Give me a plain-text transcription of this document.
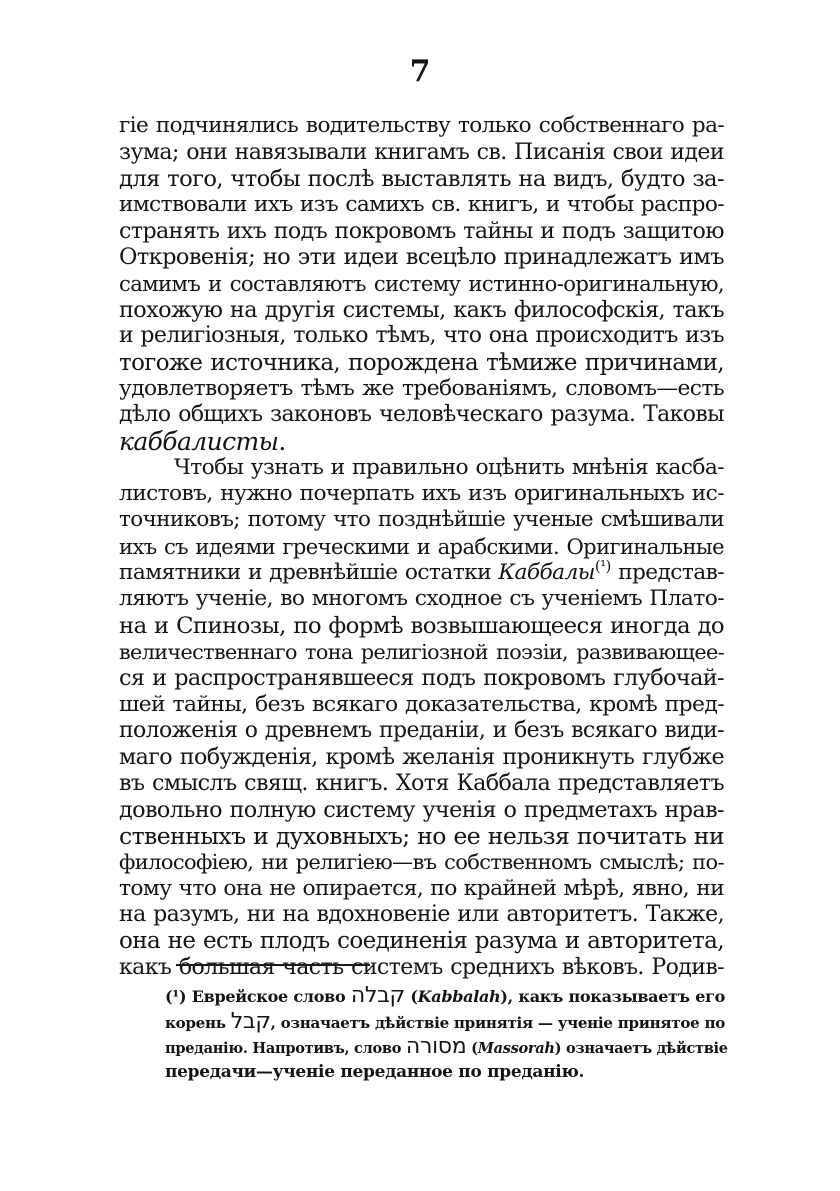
7
гіе подчинялись водительству только собственнаго ра-
зума; они навязывали книгамъ св. Писанія свои идеи
для того, чтобы послѣ выставлять на видъ, будто за-
имствовали ихъ изъ самихъ св. книгъ, и чтобы распро-
странять ихъ подъ покровомъ тайны и подъ защитою
Откровенія; но эти идеи всецѣло принадлежатъ имъ
самимъ и составляютъ систему истинно-оригинальную,
похожую на другія системы, какъ философскія, такъ
и религіозныя, только тѣмъ, что она происходитъ изъ
тогоже источника, порождена тѣмиже причинами,
удовлетворяетъ тѣмъ же требованіямъ, словомъ—есть
дѣло общихъ законовъ человѣческаго разума. Таковы
каббалисты.
Чтобы узнать и правильно оцѣнить мнѣнія касба-
листовъ, нужно почерпать ихъ изъ оригинальныхъ ис-
точниковъ; потому что позднѣйшіе ученые смѣшивали
ихъ съ идеями греческими и арабскими. Оригинальные
памятники и древнѣйшіе остатки Каббалы$^{(^1)}$ представ-
ляютъ ученіе, во многомъ сходное съ ученіемъ Плато-
на и Спинозы, по формѣ возвышающееся иногда до
величественнаго тона религіозной поэзіи, развивающее-
ся и распространявшееся подъ покровомъ глубочай-
шей тайны, безъ всякаго доказательства, кромѣ пред-
положенія о древнемъ преданіи, и безъ всякаго види-
маго побужденія, кромѣ желанія проникнуть глубже
въ смыслъ свящ. книгъ. Хотя Каббала представляетъ
довольно полную систему ученія о предметахъ нрав-
ственныхъ и духовныхъ; но ее нельзя почитать ни
философіею, ни религіею—въ собственномъ смыслѣ; по-
тому что она не опирается, по крайней мѣрѣ, явно, ни
на разумъ, ни на вдохновеніе или авторитетъ. Также,
она не есть плодъ соединенія разума и авторитета,
какъ большая часть системъ среднихъ вѣковъ. Родив-
(¹) Еврейское слово קבלה (Kabbalah), какъ показываетъ его
корень קבל, означаетъ дѣйствіе принятія — ученіе принятое по
преданію. Напротивъ, слово מסורה (Massorah) означаетъ дѣйствіе
передачи—ученіе переданное по преданію.
